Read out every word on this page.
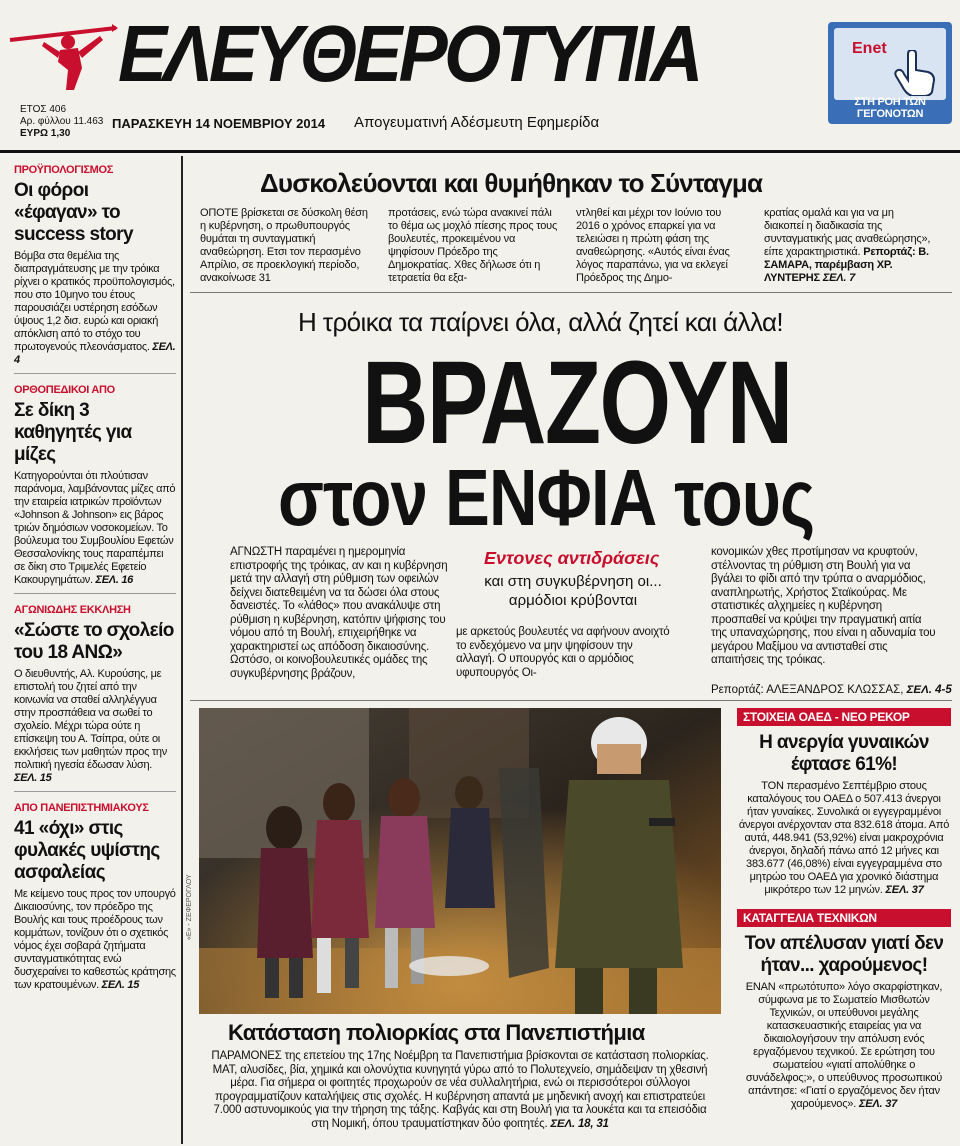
ΕΛΕΥΘΕΡΟΤΥΠΙΑ
ΕΤΟΣ 406
Αρ. φύλλου 11.463
ΕΥΡΩ 1,30
ΠΑΡΑΣΚΕΥΗ 14 ΝΟΕΜΒΡΙΟΥ 2014 Απογευματινή Αδέσμευτη Εφημερίδα
Enet
ΣΤΗ ΡΟΗ ΤΩΝ ΓΕΓΟΝΟΤΩΝ
ΠΡΟΫΠΟΛΟΓΙΣΜΟΣ
Οι φόροι «έφαγαν» το success story

Βόμβα στα θεμέλια της διαπραγμάτευσης με την τρόικα ρίχνει ο κρατικός προϋπολογισμός, που στο 10μηνο του έτους παρουσιάζει υστέρηση εσόδων ύψους 1,2 δισ. ευρώ και οριακή απόκλιση από το στόχο του πρωτογενούς πλεονάσματος. ΣΕΛ. 4

ΟΡΘΟΠΕΔΙΚΟΙ ΑΠΟ
Σε δίκη 3 καθηγητές για μίζες

Κατηγορούνται ότι πλούτισαν παράνομα, λαμβάνοντας μίζες από την εταιρεία ιατρικών προϊόντων «Johnson & Johnson» εις βάρος τριών δημόσιων νοσοκομείων. Το βούλευμα του Συμβουλίου Εφετών Θεσσαλονίκης τους παραπέμπει σε δίκη στο Τριμελές Εφετείο Κακουργημάτων. ΣΕΛ. 16

ΑΓΩΝΙΩΔΗΣ ΕΚΚΛΗΣΗ
«Σώστε το σχολείο του 18 ΑΝΩ»

Ο διευθυντής, Αλ. Κυρούσης, με επιστολή του ζητεί από την κοινωνία να σταθεί αλληλέγγυα στην προσπάθεια να σωθεί το σχολείο. Μέχρι τώρα ούτε η επίσκεψη του Α. Τσίπρα, ούτε οι εκκλήσεις των μαθητών προς την πολιτική ηγεσία έδωσαν λύση. ΣΕΛ. 15

ΑΠΟ ΠΑΝΕΠΙΣΤΗΜΙΑΚΟΥΣ
41 «όχι» στις φυλακές υψίστης ασφαλείας

Με κείμενο τους προς τον υπουργό Δικαιοσύνης, τον πρόεδρο της Βουλής και τους προέδρους των κομμάτων, τονίζουν ότι ο σχετικός νόμος έχει σοβαρά ζητήματα συνταγματικότητας ενώ δυσχεραίνει το καθεστώς κράτησης των κρατουμένων. ΣΕΛ. 15

Δυσκολεύονται και θυμήθηκαν το Σύνταγμα

ΟΠΟΤΕ βρίσκεται σε δύσκολη θέση η κυβέρνηση, ο πρωθυπουργός θυμάται τη συνταγματική αναθεώρηση. Ετσι τον περασμένο Απρίλιο, σε προεκλογική περίοδο, ανακοίνωσε 31

προτάσεις, ενώ τώρα ανακινεί πάλι το θέμα ως μοχλό πίεσης προς τους βουλευτές, προκειμένου να ψηφίσουν Πρόεδρο της Δημοκρατίας. Χθες δήλωσε ότι η τετραετία θα εξα-

ντληθεί και μέχρι τον Ιούνιο του 2016 ο χρόνος επαρκεί για να τελειώσει η πρώτη φάση της αναθεώρησης. «Αυτός είναι ένας λόγος παραπάνω, για να εκλεγεί Πρόεδρος της Δημο-

κρατίας ομαλά και για να μη διακοπεί η διαδικασία της συνταγματικής μας αναθεώρησης», είπε χαρακτηριστικά. Ρεπορτάζ: Β. ΣΑΜΑΡΑ, παρέμβαση ΧΡ. ΛΥΝΤΕΡΗΣ ΣΕΛ. 7
Η τρόικα τα παίρνει όλα, αλλά ζητεί και άλλα!
ΒΡΑΖΟΥΝ
στον ΕΝΦΙΑ τους

ΑΓΝΩΣΤΗ παραμένει η ημερομηνία επιστροφής της τρόικας, αν και η κυβέρνηση μετά την αλλαγή στη ρύθμιση των οφειλών δείχνει διατεθειμένη να τα δώσει όλα στους δανειστές. Το «λάθος» που ανακάλυψε στη ρύθμιση η κυβέρνηση, κατόπιν ψήφισης του νόμου από τη Βουλή, επιχειρήθηκε να χαρακτηριστεί ως απόδοση δικαιοσύνης. Ωστόσο, οι κοινοβουλευτικές ομάδες της συγκυβέρνησης βράζουν,

Εντονες αντιδράσεις
και στη συγκυβέρνηση οι... αρμόδιοι κρύβονται

με αρκετούς βουλευτές να αφήνουν ανοιχτό το ενδεχόμενο να μην ψηφίσουν την αλλαγή. Ο υπουργός και ο αρμόδιος υφυπουργός Οι-

κονομικών χθες προτίμησαν να κρυφτούν, στέλνοντας τη ρύθμιση στη Βουλή για να βγάλει το φίδι από την τρύπα ο αναρμόδιος, αναπληρωτής, Χρήστος Σταϊκούρας. Με στατιστικές αλχημείες η κυβέρνηση προσπαθεί να κρύψει την πραγματική αιτία της υπαναχώρησης, που είναι η αδυναμία του μεγάρου Μαξίμου να αντισταθεί στις απαιτήσεις της τρόικας.

Ρεπορτάζ: ΑΛΕΞΑΝΔΡΟΣ ΚΛΩΣΣΑΣ, ΣΕΛ. 4-5
«Ε» - ΖΕΦΕΡΟΓΛΟΥ
Κατάσταση πολιορκίας στα Πανεπιστήμια

ΠΑΡΑΜΟΝΕΣ της επετείου της 17ης Νοέμβρη τα Πανεπιστήμια βρίσκονται σε κατάσταση πολιορκίας. ΜΑΤ, αλυσίδες, βία, χημικά και ολονύχτια κυνηγητά γύρω από το Πολυτεχνείο, σημάδεψαν τη χθεσινή μέρα. Για σήμερα οι φοιτητές προχωρούν σε νέα συλλαλητήρια, ενώ οι περισσότεροι σύλλογοι προγραμματίζουν καταλήψεις στις σχολές. Η κυβέρνηση απαντά με μηδενική ανοχή και επιστρατεύει 7.000 αστυνομικούς για την τήρηση της τάξης. Καβγάς και στη Βουλή για τα λουκέτα και τα επεισόδια στη Νομική, όπου τραυματίστηκαν δύο φοιτητές. ΣΕΛ. 18, 31

ΣΤΟΙΧΕΙΑ ΟΑΕΔ - ΝΕΟ ΡΕΚΟΡ
Η ανεργία γυναικών έφτασε 61%!

ΤΟΝ περασμένο Σεπτέμβριο στους καταλόγους του ΟΑΕΔ ο 507.413 άνεργοι ήταν γυναίκες. Συνολικά οι εγγεγραμμένοι άνεργοι ανέρχονταν στα 832.618 άτομα. Από αυτά, 448.941 (53,92%) είναι μακροχρόνια άνεργοι, δηλαδή πάνω από 12 μήνες και 383.677 (46,08%) είναι εγγεγραμμένα στο μητρώο του ΟΑΕΔ για χρονικό διάστημα μικρότερο των 12 μηνών. ΣΕΛ. 37

ΚΑΤΑΓΓΕΛΙΑ ΤΕΧΝΙΚΩΝ
Τον απέλυσαν γιατί δεν ήταν... χαρούμενος!

ΕΝΑΝ «πρωτότυπο» λόγο σκαρφίστηκαν, σύμφωνα με το Σωματείο Μισθωτών Τεχνικών, οι υπεύθυνοι μεγάλης κατασκευαστικής εταιρείας για να δικαιολογήσουν την απόλυση ενός εργαζόμενου τεχνικού. Σε ερώτηση του σωματείου «γιατί απολύθηκε ο συνάδελφος;», ο υπεύθυνος προσωπικού απάντησε: «Γιατί ο εργαζόμενος δεν ήταν χαρούμενος». ΣΕΛ. 37
